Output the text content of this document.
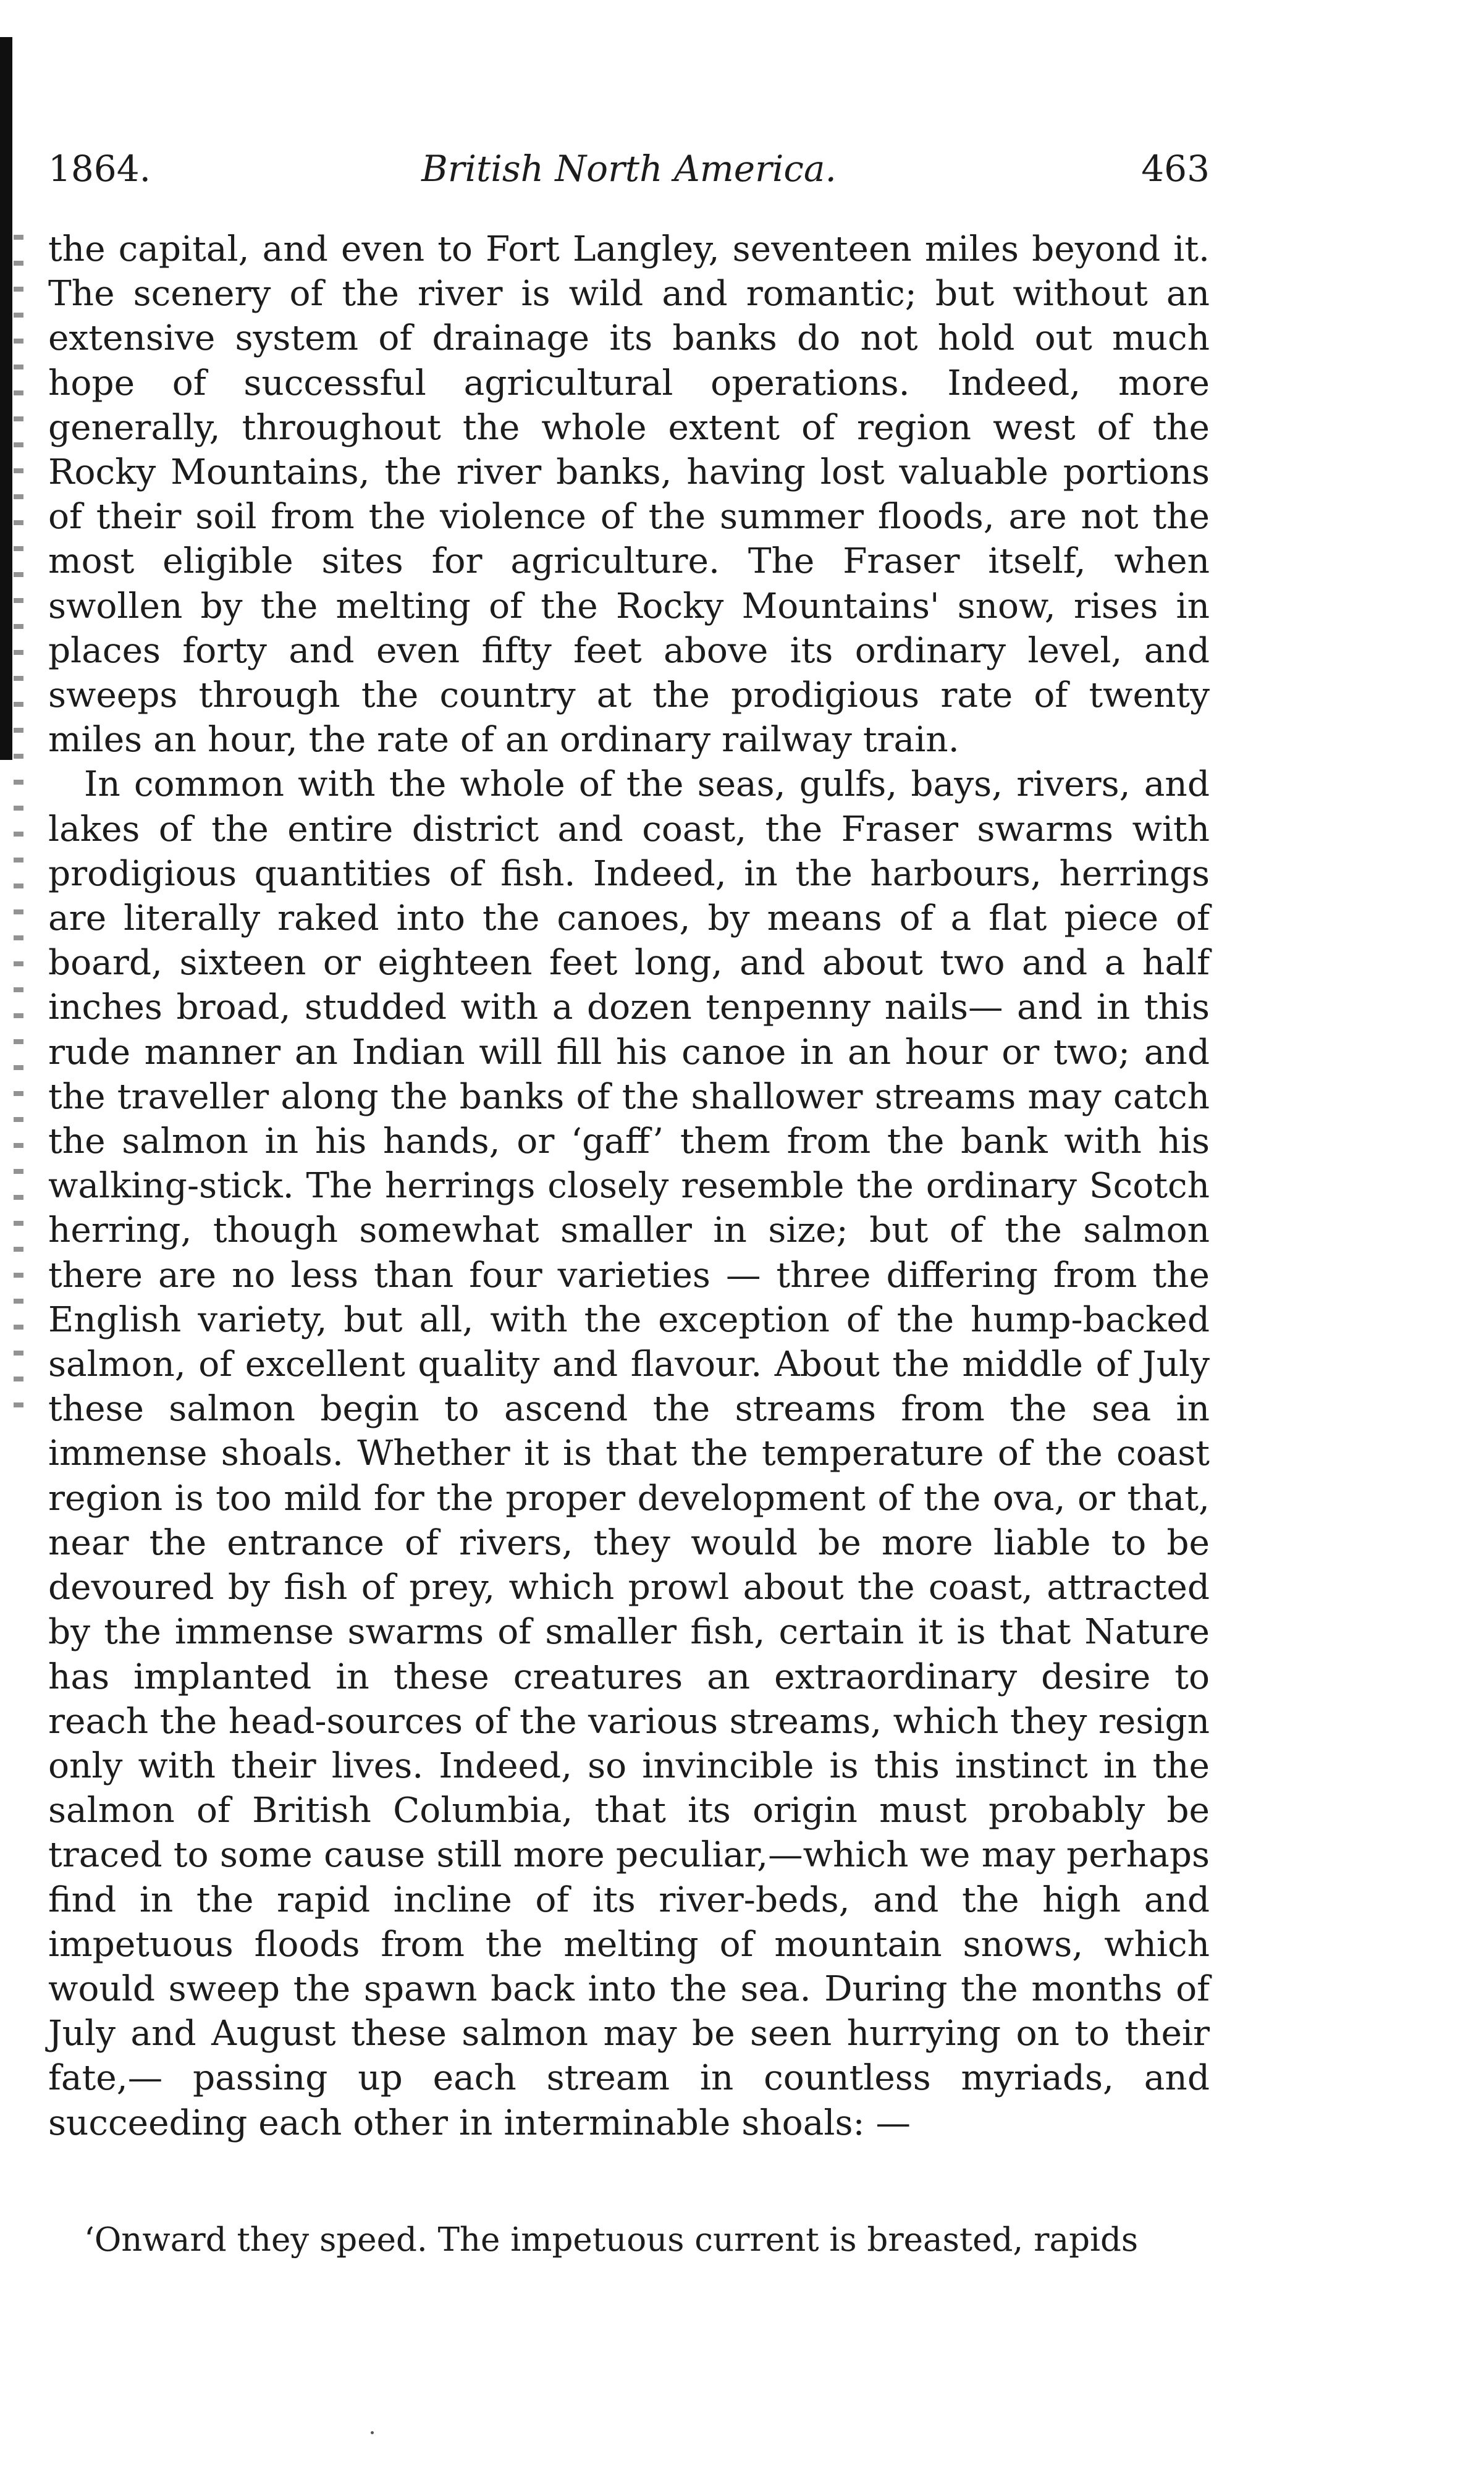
1864.	British North America.	463

the capital, and even to Fort Langley, seventeen miles beyond it. The scenery of the river is wild and romantic; but without an extensive system of drainage its banks do not hold out much hope of successful agricultural operations. Indeed, more generally, throughout the whole extent of region west of the Rocky Mountains, the river banks, having lost valuable portions of their soil from the violence of the summer floods, are not the most eligible sites for agriculture. The Fraser itself, when swollen by the melting of the Rocky Mountains' snow, rises in places forty and even fifty feet above its ordinary level, and sweeps through the country at the prodigious rate of twenty miles an hour, the rate of an ordinary railway train.

In common with the whole of the seas, gulfs, bays, rivers, and lakes of the entire district and coast, the Fraser swarms with prodigious quantities of fish. Indeed, in the harbours, herrings are literally raked into the canoes, by means of a flat piece of board, sixteen or eighteen feet long, and about two and a half inches broad, studded with a dozen tenpenny nails— and in this rude manner an Indian will fill his canoe in an hour or two; and the traveller along the banks of the shallower streams may catch the salmon in his hands, or ‘gaff’ them from the bank with his walking-stick. The herrings closely resemble the ordinary Scotch herring, though somewhat smaller in size; but of the salmon there are no less than four varieties — three differing from the English variety, but all, with the exception of the hump-backed salmon, of excellent quality and flavour. About the middle of July these salmon begin to ascend the streams from the sea in immense shoals. Whether it is that the temperature of the coast region is too mild for the proper development of the ova, or that, near the entrance of rivers, they would be more liable to be devoured by fish of prey, which prowl about the coast, attracted by the immense swarms of smaller fish, certain it is that Nature has implanted in these creatures an extraordinary desire to reach the head-sources of the various streams, which they resign only with their lives. Indeed, so invincible is this instinct in the salmon of British Columbia, that its origin must probably be traced to some cause still more peculiar,—which we may perhaps find in the rapid incline of its river-beds, and the high and impetuous floods from the melting of mountain snows, which would sweep the spawn back into the sea. During the months of July and August these salmon may be seen hurrying on to their fate,— passing up each stream in countless myriads, and succeeding each other in interminable shoals: —

‘Onward they speed. The impetuous current is breasted, rapids
